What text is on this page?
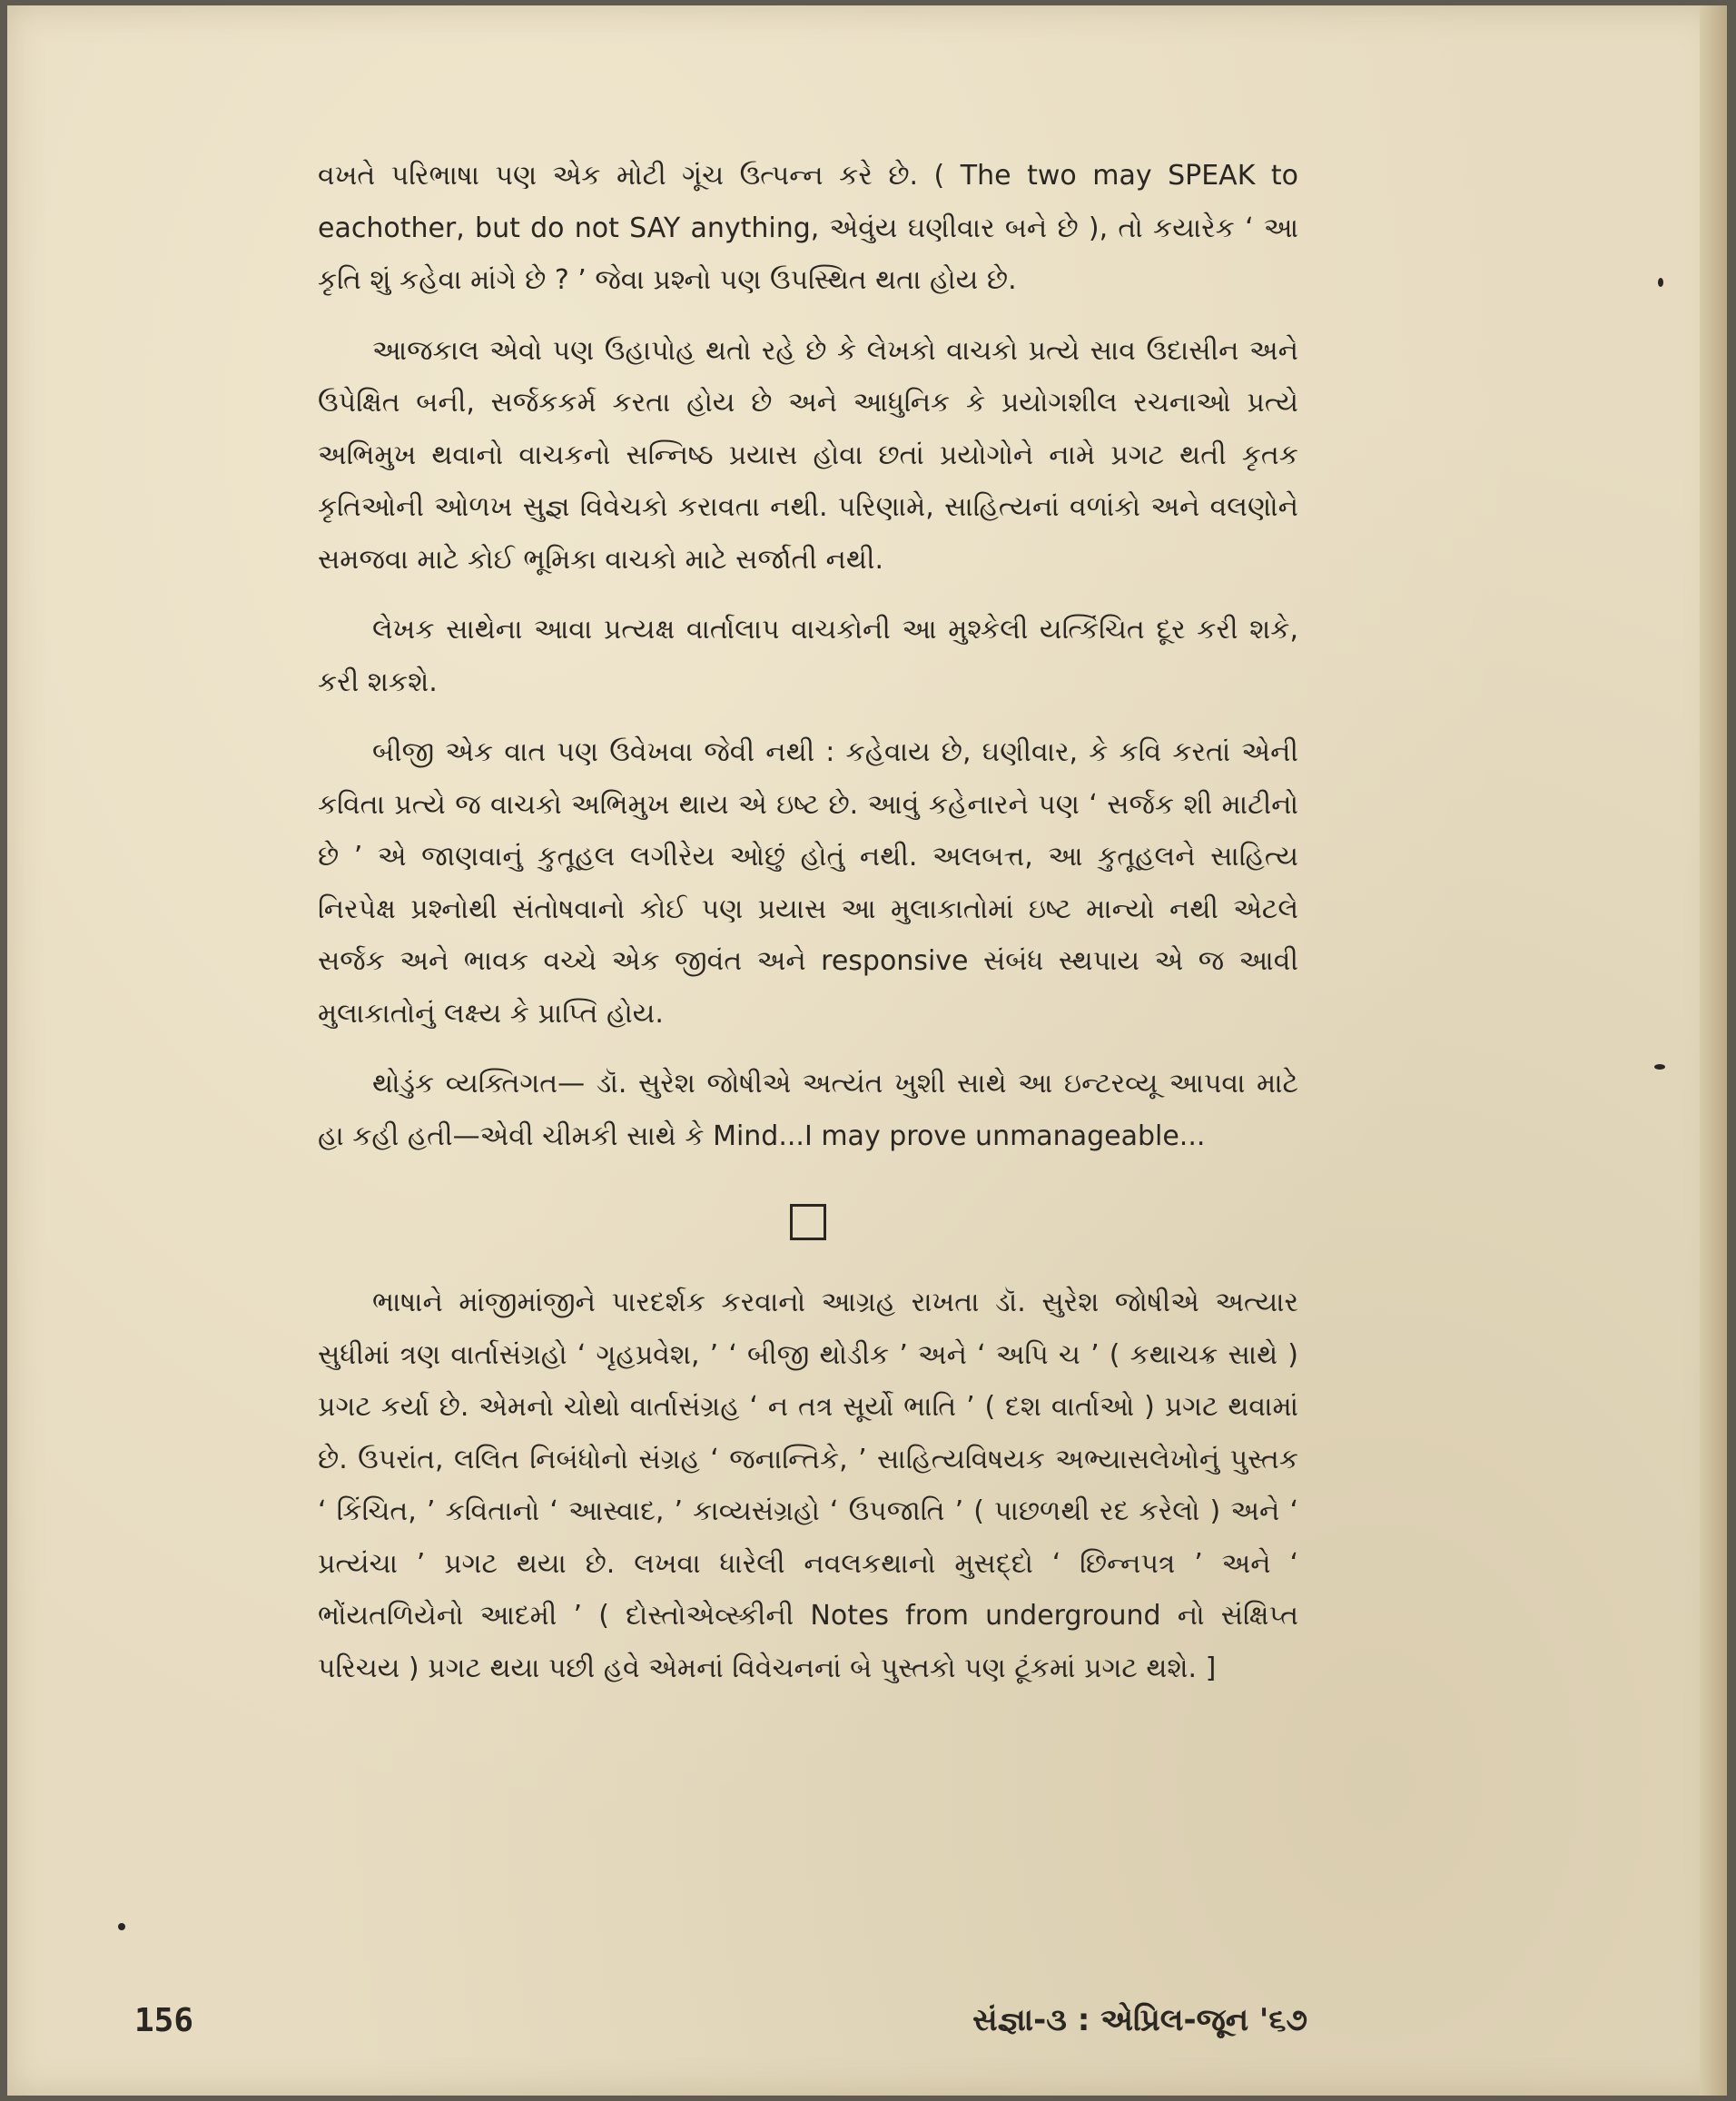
વખતે પરિભાષા પણ એક મોટી ગૂંચ ઉત્પન્ન કરે છે. ( The two may SPEAK to eachother, but do not SAY anything, એવુંય ઘણીવાર બને છે ), તો કયારેક ‘ આ કૃતિ શું કહેવા માંગે છે ? ’ જેવા પ્રશ્નો પણ ઉપસ્થિત થતા હોય છે.

આજકાલ એવો પણ ઉહાપોહ થતો રહે છે કે લેખકો વાચકો પ્રત્યે સાવ ઉદાસીન અને ઉપેક્ષિત બની, સર્જકકર્મ કરતા હોય છે અને આધુનિક કે પ્રયોગશીલ રચનાઓ પ્રત્યે અભિમુખ થવાનો વાચકનો સન્નિષ્ઠ પ્રયાસ હોવા છતાં પ્રયોગોને નામે પ્રગટ થતી કૃતક કૃતિઓની ઓળખ સુજ્ઞ વિવેચકો કરાવતા નથી. પરિણામે, સાહિત્યનાં વળાંકો અને વલણોને સમજવા માટે કોઈ ભૂમિકા વાચકો માટે સર્જાતી નથી.

લેખક સાથેના આવા પ્રત્યક્ષ વાર્તાલાપ વાચકોની આ મુશ્કેલી યત્કિંચિત દૂર કરી શકે, કરી શકશે.

બીજી એક વાત પણ ઉવેખવા જેવી નથી : કહેવાય છે, ઘણીવાર, કે કવિ કરતાં એની કવિતા પ્રત્યે જ વાચકો અભિમુખ થાય એ ઇષ્ટ છે. આવું કહેનારને પણ ‘ સર્જક શી માટીનો છે ’ એ જાણવાનું કુતૂહલ લગીરેય ઓછું હોતું નથી. અલબત્ત, આ કુતૂહલને સાહિત્ય નિરપેક્ષ પ્રશ્નોથી સંતોષવાનો કોઈ પણ પ્રયાસ આ મુલાકાતોમાં ઇષ્ટ માન્યો નથી એટલે સર્જક અને ભાવક વચ્ચે એક જીવંત અને responsive સંબંધ સ્થપાય એ જ આવી મુલાકાતોનું લક્ષ્ય કે પ્રાપ્તિ હોય.

થોડુંક વ્યક્તિગત— ડૉ. સુરેશ જોષીએ અત્યંત ખુશી સાથે આ ઇન્ટરવ્યૂ આપવા માટે હા કહી હતી—એવી ચીમકી સાથે કે Mind...I may prove unmanageable...

ભાષાને માંજીમાંજીને પારદર્શક કરવાનો આગ્રહ રાખતા ડૉ. સુરેશ જોષીએ અત્યાર સુધીમાં ત્રણ વાર્તાસંગ્રહો ‘ ગૃહપ્રવેશ, ’ ‘ બીજી થોડીક ’ અને ‘ અપિ ચ ’ ( કથાચક્ર સાથે ) પ્રગટ કર્યા છે. એમનો ચોથો વાર્તાસંગ્રહ ‘ ન તત્ર સૂર્યો ભાતિ ’ ( દશ વાર્તાઓ ) પ્રગટ થવામાં છે. ઉપરાંત, લલિત નિબંધોનો સંગ્રહ ‘ જનાન્તિકે, ’ સાહિત્યવિષયક અભ્યાસલેખોનું પુસ્તક ‘ કિંચિત, ’ કવિતાનો ‘ આસ્વાદ, ’ કાવ્યસંગ્રહો ‘ ઉપજાતિ ’ ( પાછળથી રદ કરેલો ) અને ‘ પ્રત્યંચા ’ પ્રગટ થયા છે. લખવા ધારેલી નવલકથાનો મુસદ્દો ‘ છિન્નપત્ર ’ અને ‘ ભોંયતળિયેનો આદમી ’ ( દોસ્તોએવ્સ્કીની Notes from underground નો સંક્ષિપ્ત પરિચય ) પ્રગટ થયા પછી હવે એમનાં વિવેચનનાં બે પુસ્તકો પણ ટૂંકમાં પ્રગટ થશે. ]

156	સંજ્ઞા-૩ : એપ્રિલ-જૂન '૬૭
